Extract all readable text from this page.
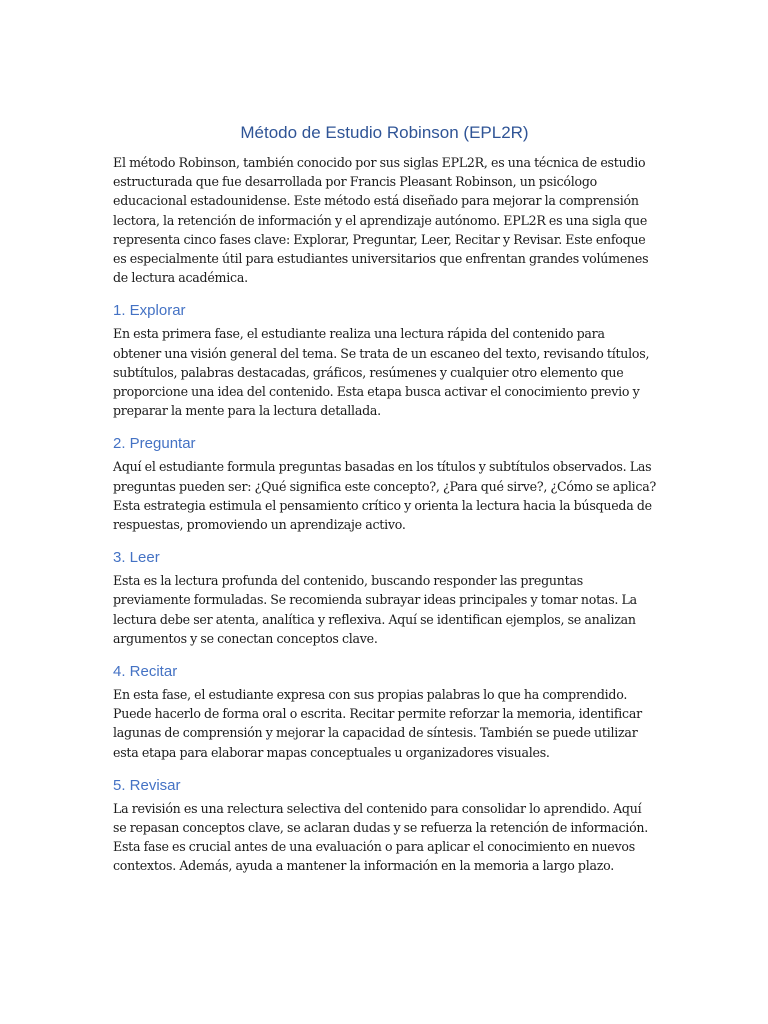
Método de Estudio Robinson (EPL2R)

El método Robinson, también conocido por sus siglas EPL2R, es una técnica de estudio estructurada que fue desarrollada por Francis Pleasant Robinson, un psicólogo educacional estadounidense. Este método está diseñado para mejorar la comprensión lectora, la retención de información y el aprendizaje autónomo. EPL2R es una sigla que representa cinco fases clave: Explorar, Preguntar, Leer, Recitar y Revisar. Este enfoque es especialmente útil para estudiantes universitarios que enfrentan grandes volúmenes de lectura académica.

1. Explorar

En esta primera fase, el estudiante realiza una lectura rápida del contenido para obtener una visión general del tema. Se trata de un escaneo del texto, revisando títulos, subtítulos, palabras destacadas, gráficos, resúmenes y cualquier otro elemento que proporcione una idea del contenido. Esta etapa busca activar el conocimiento previo y preparar la mente para la lectura detallada.

2. Preguntar

Aquí el estudiante formula preguntas basadas en los títulos y subtítulos observados. Las preguntas pueden ser: ¿Qué significa este concepto?, ¿Para qué sirve?, ¿Cómo se aplica? Esta estrategia estimula el pensamiento crítico y orienta la lectura hacia la búsqueda de respuestas, promoviendo un aprendizaje activo.

3. Leer

Esta es la lectura profunda del contenido, buscando responder las preguntas previamente formuladas. Se recomienda subrayar ideas principales y tomar notas. La lectura debe ser atenta, analítica y reflexiva. Aquí se identifican ejemplos, se analizan argumentos y se conectan conceptos clave.

4. Recitar

En esta fase, el estudiante expresa con sus propias palabras lo que ha comprendido. Puede hacerlo de forma oral o escrita. Recitar permite reforzar la memoria, identificar lagunas de comprensión y mejorar la capacidad de síntesis. También se puede utilizar esta etapa para elaborar mapas conceptuales u organizadores visuales.

5. Revisar

La revisión es una relectura selectiva del contenido para consolidar lo aprendido. Aquí se repasan conceptos clave, se aclaran dudas y se refuerza la retención de información. Esta fase es crucial antes de una evaluación o para aplicar el conocimiento en nuevos contextos. Además, ayuda a mantener la información en la memoria a largo plazo.
